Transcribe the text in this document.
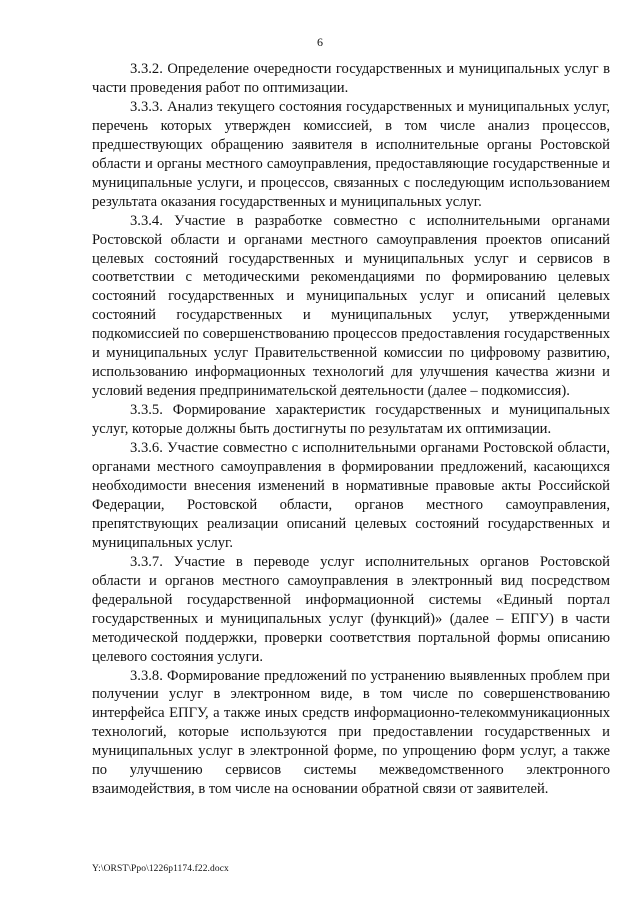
6

3.3.2. Определение очередности государственных и муниципальных услуг в части проведения работ по оптимизации.

3.3.3. Анализ текущего состояния государственных и муниципальных услуг, перечень которых утвержден комиссией, в том числе анализ процессов, предшествующих обращению заявителя в исполнительные органы Ростовской области и органы местного самоуправления, предоставляющие государственные и муниципальные услуги, и процессов, связанных с последующим использованием результата оказания государственных и муниципальных услуг.

3.3.4. Участие в разработке совместно с исполнительными органами Ростовской области и органами местного самоуправления проектов описаний целевых состояний государственных и муниципальных услуг и сервисов в соответствии с методическими рекомендациями по формированию целевых состояний государственных и муниципальных услуг и описаний целевых состояний государственных и муниципальных услуг, утвержденными подкомиссией по совершенствованию процессов предоставления государственных и муниципальных услуг Правительственной комиссии по цифровому развитию, использованию информационных технологий для улучшения качества жизни и условий ведения предпринимательской деятельности (далее – подкомиссия).

3.3.5. Формирование характеристик государственных и муниципальных услуг, которые должны быть достигнуты по результатам их оптимизации.

3.3.6. Участие совместно с исполнительными органами Ростовской области, органами местного самоуправления в формировании предложений, касающихся необходимости внесения изменений в нормативные правовые акты Российской Федерации, Ростовской области, органов местного самоуправления, препятствующих реализации описаний целевых состояний государственных и муниципальных услуг.

3.3.7. Участие в переводе услуг исполнительных органов Ростовской области и органов местного самоуправления в электронный вид посредством федеральной государственной информационной системы «Единый портал государственных и муниципальных услуг (функций)» (далее – ЕПГУ) в части методической поддержки, проверки соответствия портальной формы описанию целевого состояния услуги.

3.3.8. Формирование предложений по устранению выявленных проблем при получении услуг в электронном виде, в том числе по совершенствованию интерфейса ЕПГУ, а также иных средств информационно-телекоммуникационных технологий, которые используются при предоставлении государственных и муниципальных услуг в электронной форме, по упрощению форм услуг, а также по улучшению сервисов системы межведомственного электронного взаимодействия, в том числе на основании обратной связи от заявителей.

Y:\ORST\Ppo\1226p1174.f22.docx
